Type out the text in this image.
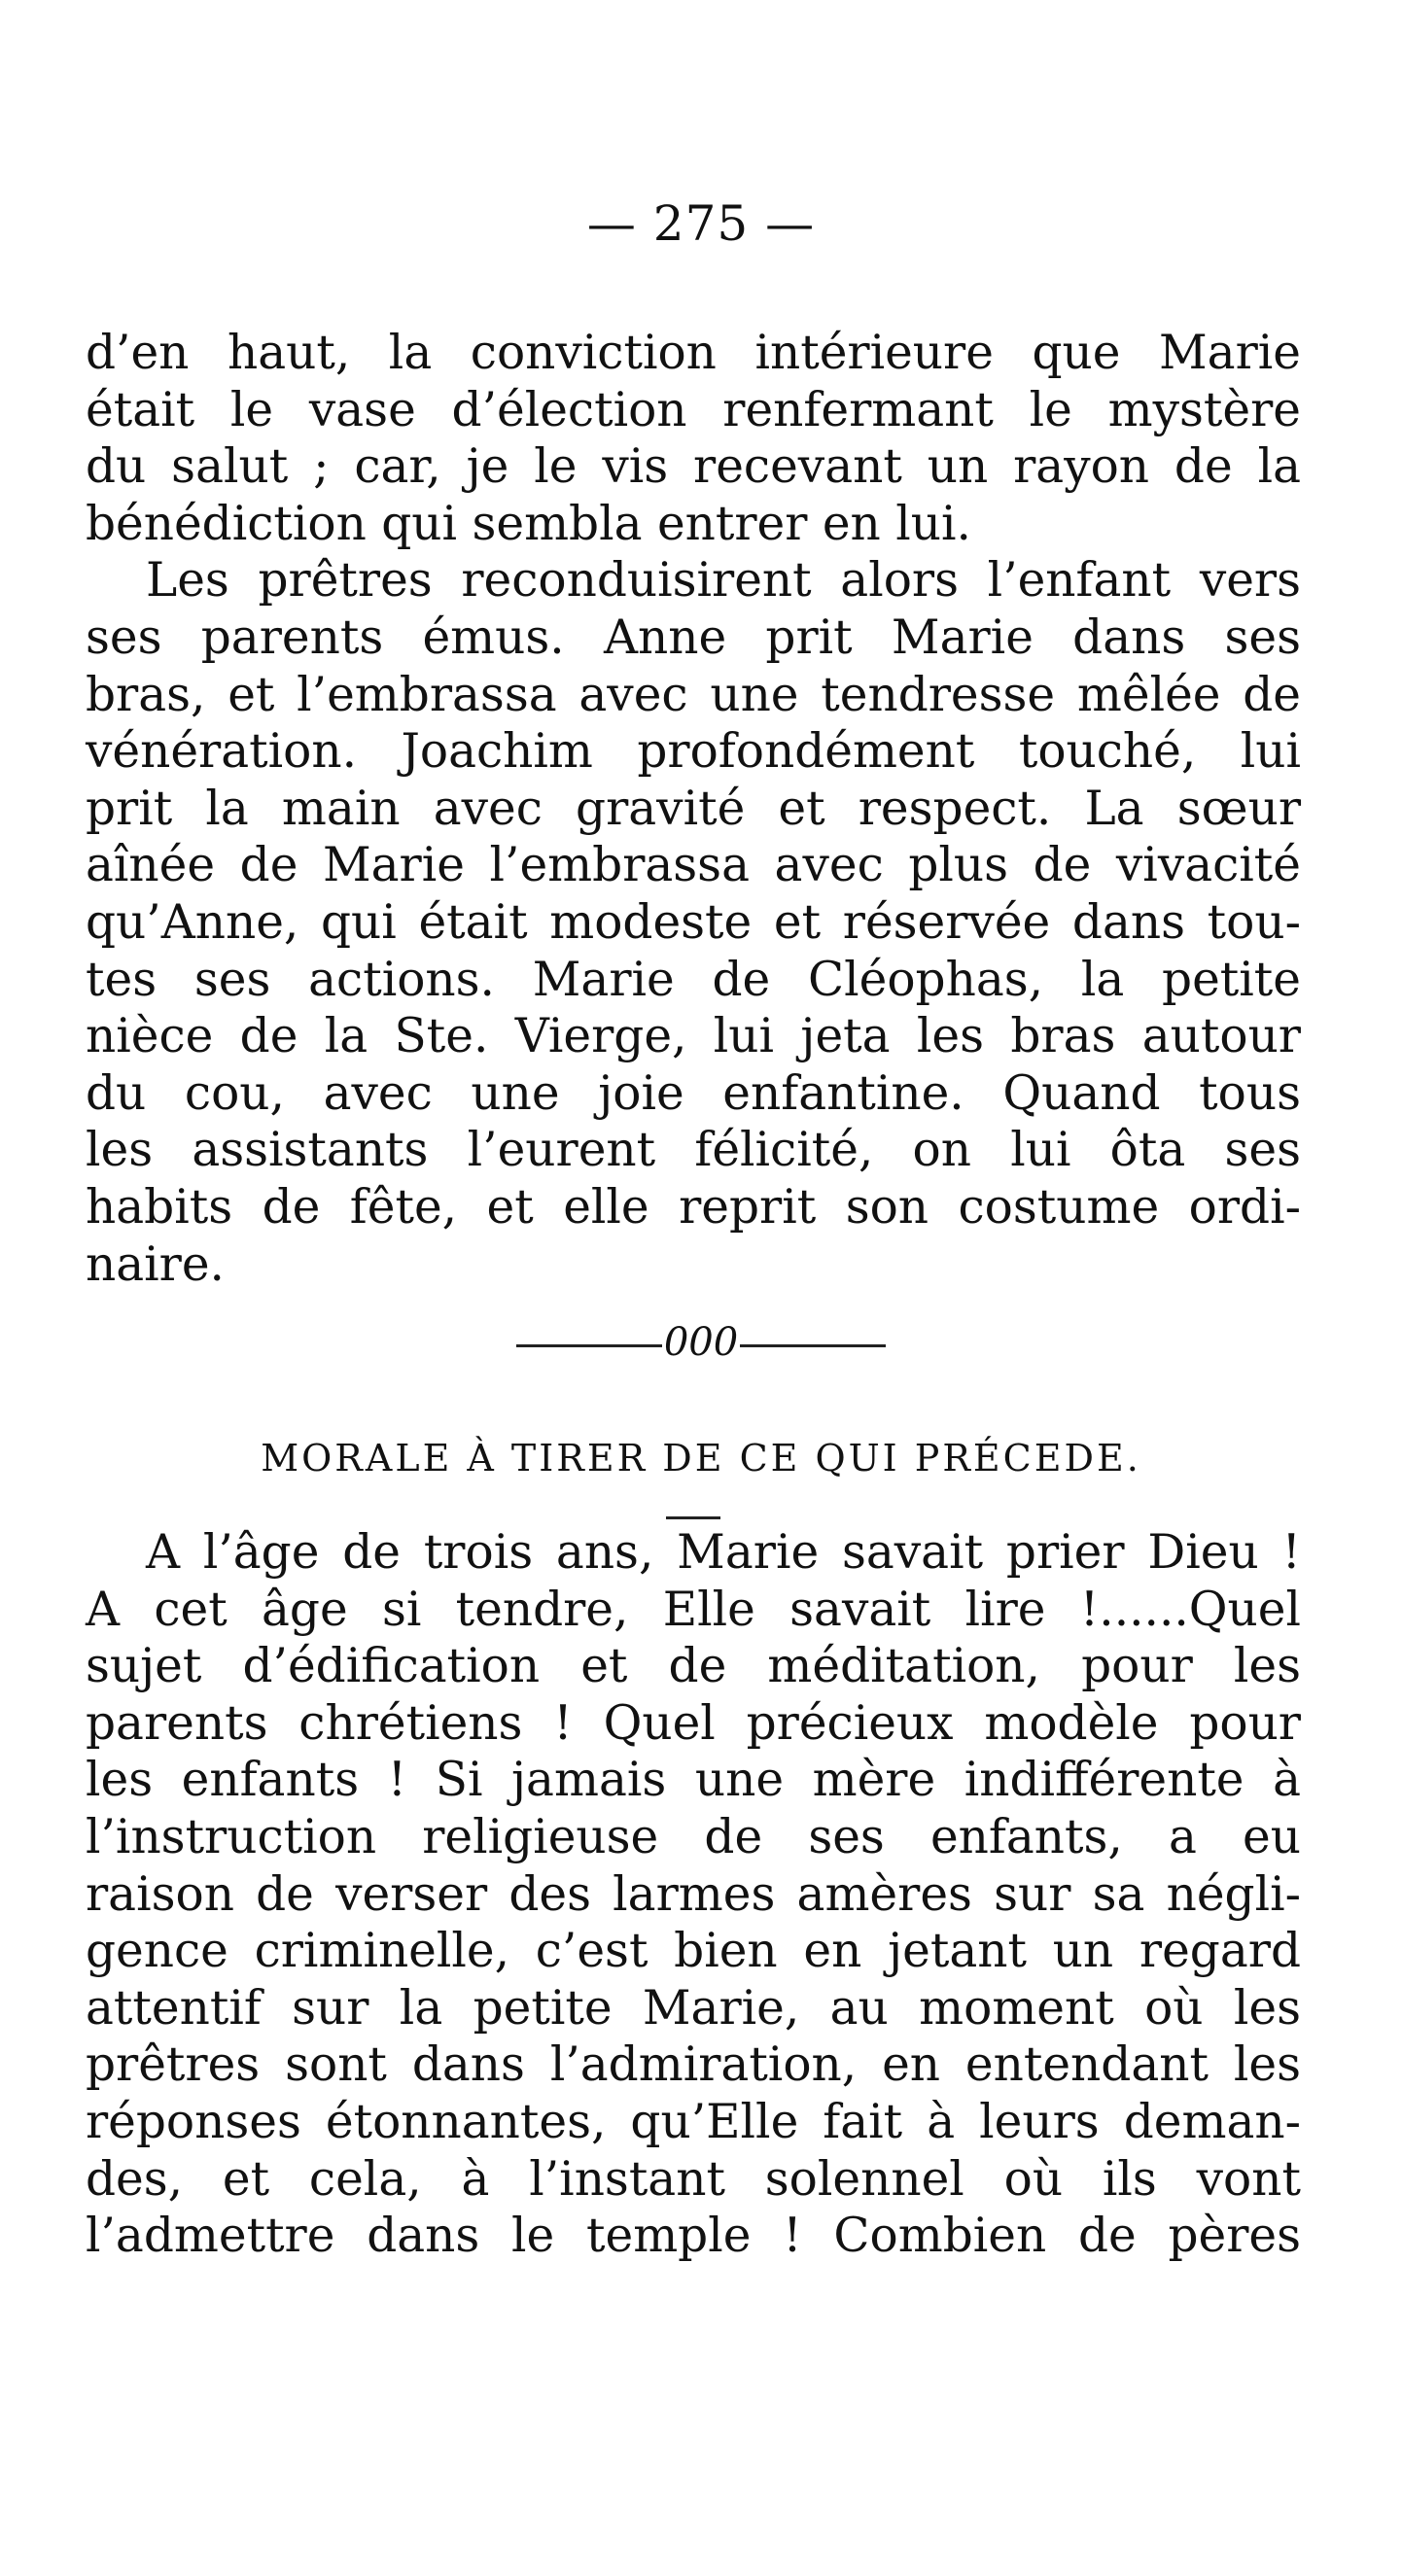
— 275 —
d’en haut, la conviction intérieure que Marie
était le vase d’élection renfermant le mystère
du salut ; car, je le vis recevant un rayon de la
bénédiction qui sembla entrer en lui.
Les prêtres reconduisirent alors l’enfant vers
ses parents émus. Anne prit Marie dans ses
bras, et l’embrassa avec une tendresse mêlée de
vénération. Joachim profondément touché, lui
prit la main avec gravité et respect. La sœur
aînée de Marie l’embrassa avec plus de vivacité
qu’Anne, qui était modeste et réservée dans tou-
tes ses actions. Marie de Cléophas, la petite
nièce de la Ste. Vierge, lui jeta les bras autour
du cou, avec une joie enfantine. Quand tous
les assistants l’eurent félicité, on lui ôta ses
habits de fête, et elle reprit son costume ordi-
naire.
000
MORALE À TIRER DE CE QUI PRÉCEDE.
A l’âge de trois ans, Marie savait prier Dieu !
A cet âge si tendre, Elle savait lire !......Quel
sujet d’édification et de méditation, pour les
parents chrétiens ! Quel précieux modèle pour
les enfants ! Si jamais une mère indifférente à
l’instruction religieuse de ses enfants, a eu
raison de verser des larmes amères sur sa négli-
gence criminelle, c’est bien en jetant un regard
attentif sur la petite Marie, au moment où les
prêtres sont dans l’admiration, en entendant les
réponses étonnantes, qu’Elle fait à leurs deman-
des, et cela, à l’instant solennel où ils vont
l’admettre dans le temple ! Combien de pères
